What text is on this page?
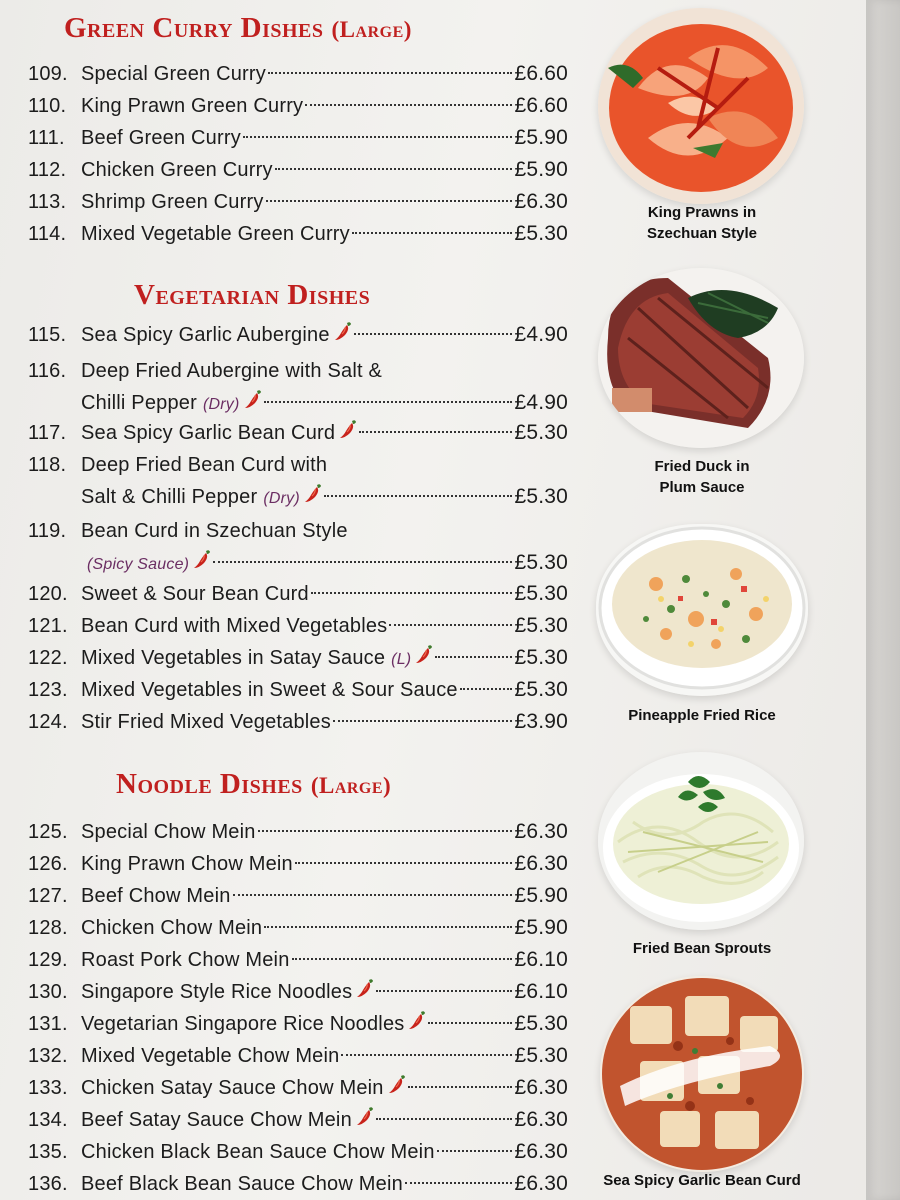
Green Curry Dishes (Large)
109. Special Green Curry	£6.60
110. King Prawn Green Curry	£6.60
111. Beef Green Curry	£5.90
112. Chicken Green Curry	£5.90
113. Shrimp Green Curry	£6.30
114. Mixed Vegetable Green Curry	£5.30
Vegetarian Dishes
115. Sea Spicy Garlic Aubergine	£4.90
116. Deep Fried Aubergine with Salt &
Chilli Pepper (Dry)	£4.90
117. Sea Spicy Garlic Bean Curd	£5.30
118. Deep Fried Bean Curd with
Salt & Chilli Pepper (Dry)	£5.30
119. Bean Curd in Szechuan Style
(Spicy Sauce)	£5.30
120. Sweet & Sour Bean Curd	£5.30
121. Bean Curd with Mixed Vegetables	£5.30
122. Mixed Vegetables in Satay Sauce (L)	£5.30
123. Mixed Vegetables in Sweet & Sour Sauce	£5.30
124. Stir Fried Mixed Vegetables	£3.90
Noodle Dishes (Large)
125. Special Chow Mein	£6.30
126. King Prawn Chow Mein	£6.30
127. Beef Chow Mein	£5.90
128. Chicken Chow Mein	£5.90
129. Roast Pork Chow Mein	£6.10
130. Singapore Style Rice Noodles	£6.10
131. Vegetarian Singapore Rice Noodles	£5.30
132. Mixed Vegetable Chow Mein	£5.30
133. Chicken Satay Sauce Chow Mein	£6.30
134. Beef Satay Sauce Chow Mein	£6.30
135. Chicken Black Bean Sauce Chow Mein	£6.30
136. Beef Black Bean Sauce Chow Mein	£6.30
King Prawns in
Szechuan Style
Fried Duck in
Plum Sauce
Pineapple Fried Rice
Fried Bean Sprouts
Sea Spicy Garlic Bean Curd
